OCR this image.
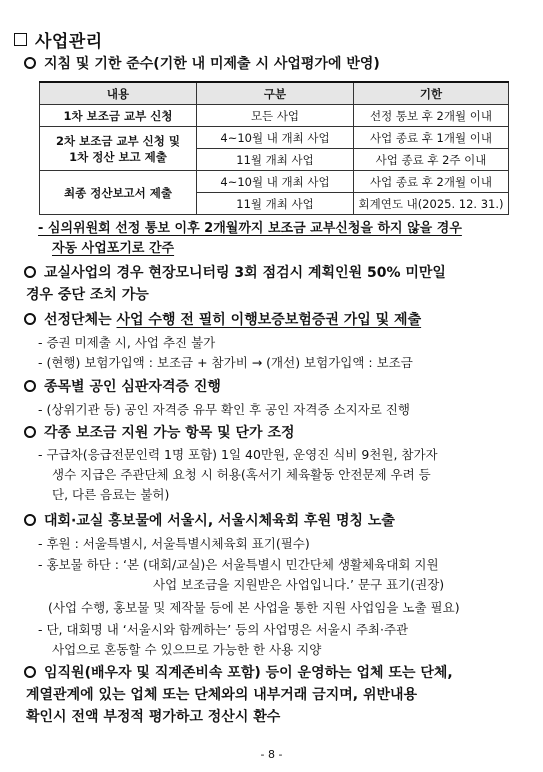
사업관리
지침 및 기한 준수(기한 내 미제출 시 사업평가에 반영)
내용	구분	기한
1차 보조금 교부 신청	모든 사업	선정 통보 후 2개월 이내

2차 보조금 교부 신청 및
1차 정산 보고 제출	4~10월 내 개최 사업	사업 종료 후 1개월 이내
	11월 개최 사업	사업 종료 후 2주 이내
최종 정산보고서 제출	4~10월 내 개최 사업	사업 종료 후 2개월 이내
	11월 개최 사업	회계연도 내(2025. 12. 31.)
- 심의위원회 선정 통보 이후 2개월까지 보조금 교부신청을 하지 않을 경우
자동 사업포기로 간주
교실사업의 경우 현장모니터링 3회 점검시 계획인원 50% 미만일
경우 중단 조치 가능
선정단체는 사업 수행 전 필히 이행보증보험증권 가입 및 제출
- 증권 미제출 시, 사업 추진 불가
- (현행) 보험가입액 : 보조금 + 참가비 → (개선) 보험가입액 : 보조금
종목별 공인 심판자격증 진행
- (상위기관 등) 공인 자격증 유무 확인 후 공인 자격증 소지자로 진행
각종 보조금 지원 가능 항목 및 단가 조정
- 구급차(응급전문인력 1명 포함) 1일 40만원, 운영진 식비 9천원, 참가자
생수 지급은 주관단체 요청 시 허용(혹서기 체육활동 안전문제 우려 등
단, 다른 음료는 불허)
대회·교실 홍보물에 서울시, 서울시체육회 후원 명칭 노출
- 후원 : 서울특별시, 서울특별시체육회 표기(필수)
- 홍보물 하단 : ‘본 (대회/교실)은 서울특별시 민간단체 생활체육대회 지원
사업 보조금을 지원받은 사업입니다.’ 문구 표기(권장)
(사업 수행, 홍보물 및 제작물 등에 본 사업을 통한 지원 사업임을 노출 필요)
- 단, 대회명 내 ‘서울시와 함께하는’ 등의 사업명은 서울시 주최·주관
사업으로 혼동할 수 있으므로 가능한 한 사용 지양
임직원(배우자 및 직계존비속 포함) 등이 운영하는 업체 또는 단체,
계열관계에 있는 업체 또는 단체와의 내부거래 금지며, 위반내용
확인시 전액 부정적 평가하고 정산시 환수
- 8 -
